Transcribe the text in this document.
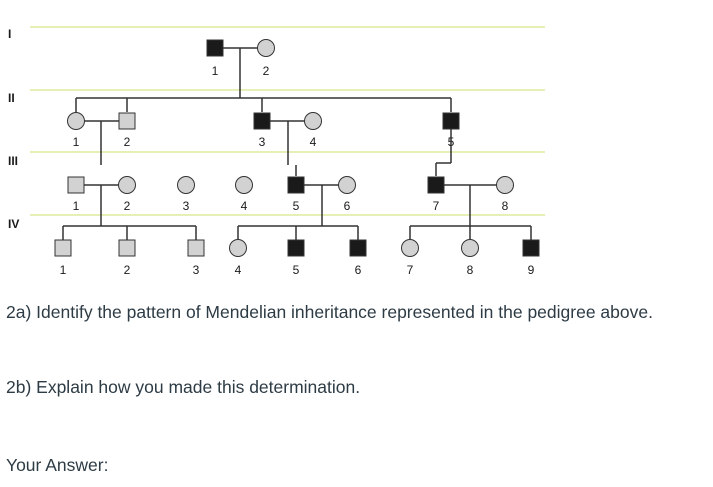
I
1	2
II
1	2	3	4	5
III
1	2	3	4	5	6	7	8
IV
1	2	3	4	5	6	7	8	9

2a) Identify the pattern of Mendelian inheritance represented in the pedigree above.

2b) Explain how you made this determination.

Your Answer:
